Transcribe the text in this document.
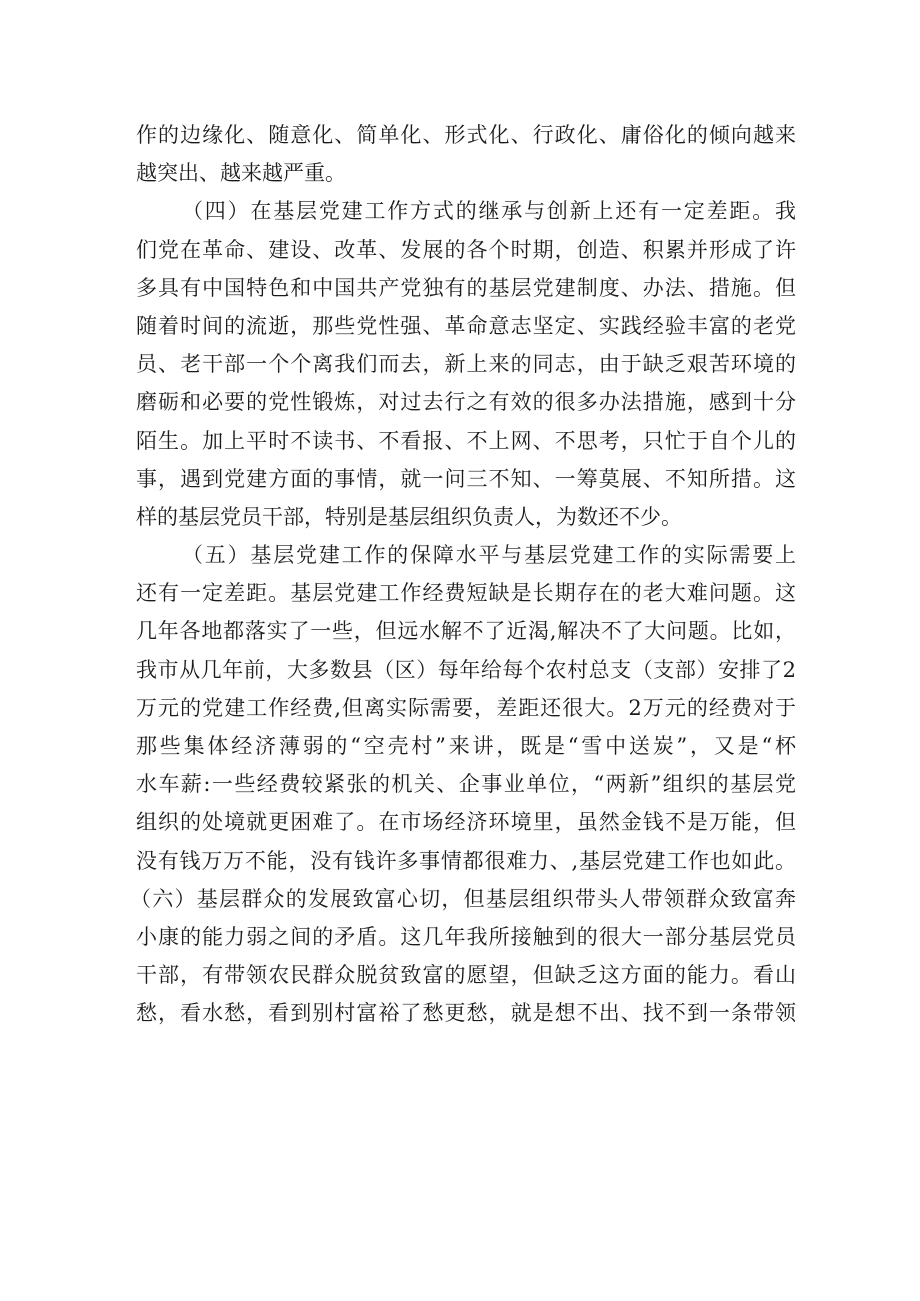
作的边缘化、随意化、简单化、形式化、行政化、庸俗化的倾向越来
越突出、越来越严重。
（四）在基层党建工作方式的继承与创新上还有一定差距。我
们党在革命、建设、改革、发展的各个时期，创造、积累并形成了许
多具有中国特色和中国共产党独有的基层党建制度、办法、措施。但
随着时间的流逝，那些党性强、革命意志坚定、实践经验丰富的老党
员、老干部一个个离我们而去，新上来的同志，由于缺乏艰苦环境的
磨砺和必要的党性锻炼，对过去行之有效的很多办法措施，感到十分
陌生。加上平时不读书、不看报、不上网、不思考，只忙于自个儿的
事，遇到党建方面的事情，就一问三不知、一筹莫展、不知所措。这
样的基层党员干部，特别是基层组织负责人，为数还不少。
（五）基层党建工作的保障水平与基层党建工作的实际需要上
还有一定差距。基层党建工作经费短缺是长期存在的老大难问题。这
几年各地都落实了一些，但远水解不了近渴,解决不了大问题。比如，
我市从几年前，大多数县（区）每年给每个农村总支（支部）安排了2
万元的党建工作经费,但离实际需要，差距还很大。2万元的经费对于
那些集体经济薄弱的“空壳村”来讲，既是“雪中送炭”，又是“杯
水车薪:一些经费较紧张的机关、企事业单位，“两新”组织的基层党
组织的处境就更困难了。在市场经济环境里，虽然金钱不是万能，但
没有钱万万不能，没有钱许多事情都很难力、,基层党建工作也如此。
（六）基层群众的发展致富心切，但基层组织带头人带领群众致富奔
小康的能力弱之间的矛盾。这几年我所接触到的很大一部分基层党员
干部，有带领农民群众脱贫致富的愿望，但缺乏这方面的能力。看山
愁，看水愁，看到别村富裕了愁更愁，就是想不出、找不到一条带领
